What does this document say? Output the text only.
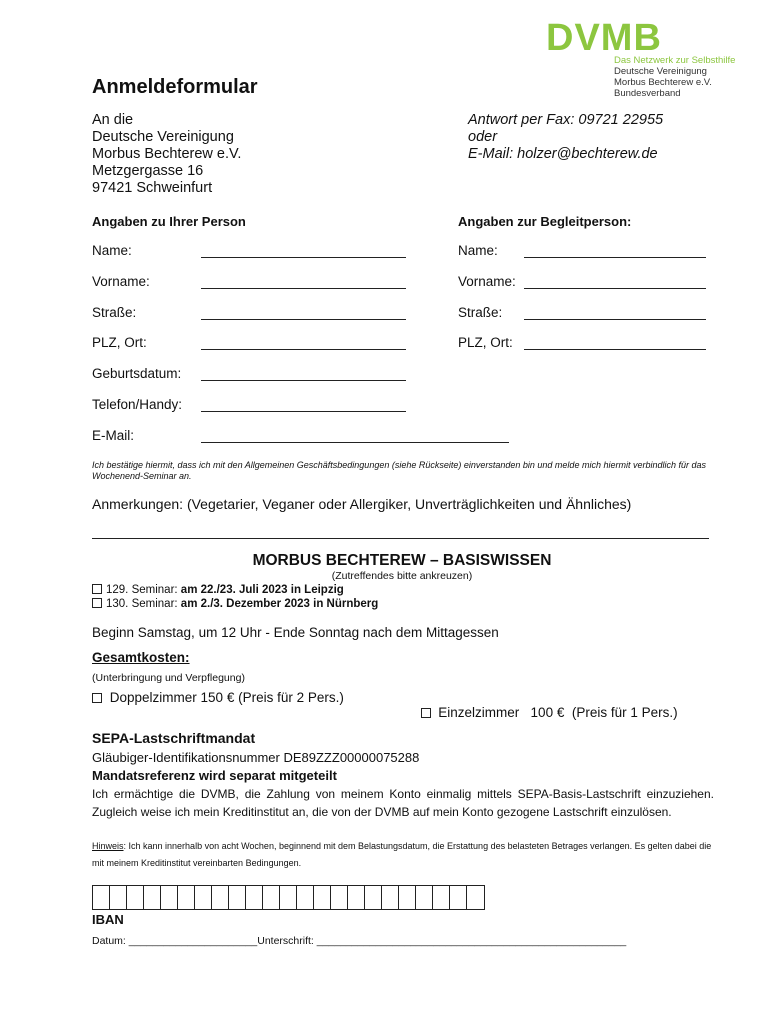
DVMB
Das Netzwerk zur Selbsthilfe
Deutsche Vereinigung
Morbus Bechterew e.V.
Bundesverband
Anmeldeformular
An die
Deutsche Vereinigung
Morbus Bechterew e.V.
Metzgergasse 16
97421 Schweinfurt
Antwort per Fax: 09721 22955
oder
E-Mail: holzer@bechterew.de
Angaben zu Ihrer Person	Angaben zur Begleitperson:
Name:
Vorname:
Straße:
PLZ, Ort:
Geburtsdatum:
Telefon/Handy:
E-Mail:
Name:
Vorname:
Straße:
PLZ, Ort:
Ich bestätige hiermit, dass ich mit den Allgemeinen Geschäftsbedingungen (siehe Rückseite) einverstanden bin und melde mich hiermit verbindlich für das Wochenend-Seminar an.
Anmerkungen: (Vegetarier, Veganer oder Allergiker, Unverträglichkeiten und Ähnliches)
MORBUS BECHTEREW – BASISWISSEN
(Zutreffendes bitte ankreuzen)
129. Seminar: am 22./23. Juli 2023 in Leipzig
130. Seminar: am 2./3. Dezember 2023 in Nürnberg
Beginn Samstag, um 12 Uhr - Ende Sonntag nach dem Mittagessen
Gesamtkosten:
(Unterbringung und Verpflegung)
Doppelzimmer 150 € (Preis für 2 Pers.)

Einzelzimmer   100 €  (Preis für 1 Pers.)

SEPA-Lastschriftmandat
Gläubiger-Identifikationsnummer DE89ZZZ00000075288
Mandatsreferenz wird separat mitgeteilt
Ich ermächtige die DVMB, die Zahlung von meinem Konto einmalig mittels SEPA-Basis-Lastschrift einzuziehen. Zugleich weise ich mein Kreditinstitut an, die von der DVMB auf mein Konto gezogene Lastschrift einzulösen.
Hinweis: Ich kann innerhalb von acht Wochen, beginnend mit dem Belastungsdatum, die Erstattung des belasteten Betrages verlangen. Es gelten dabei die mit meinem Kreditinstitut vereinbarten Bedingungen.
IBAN
Datum: ______________________Unterschrift: _____________________________________________________
